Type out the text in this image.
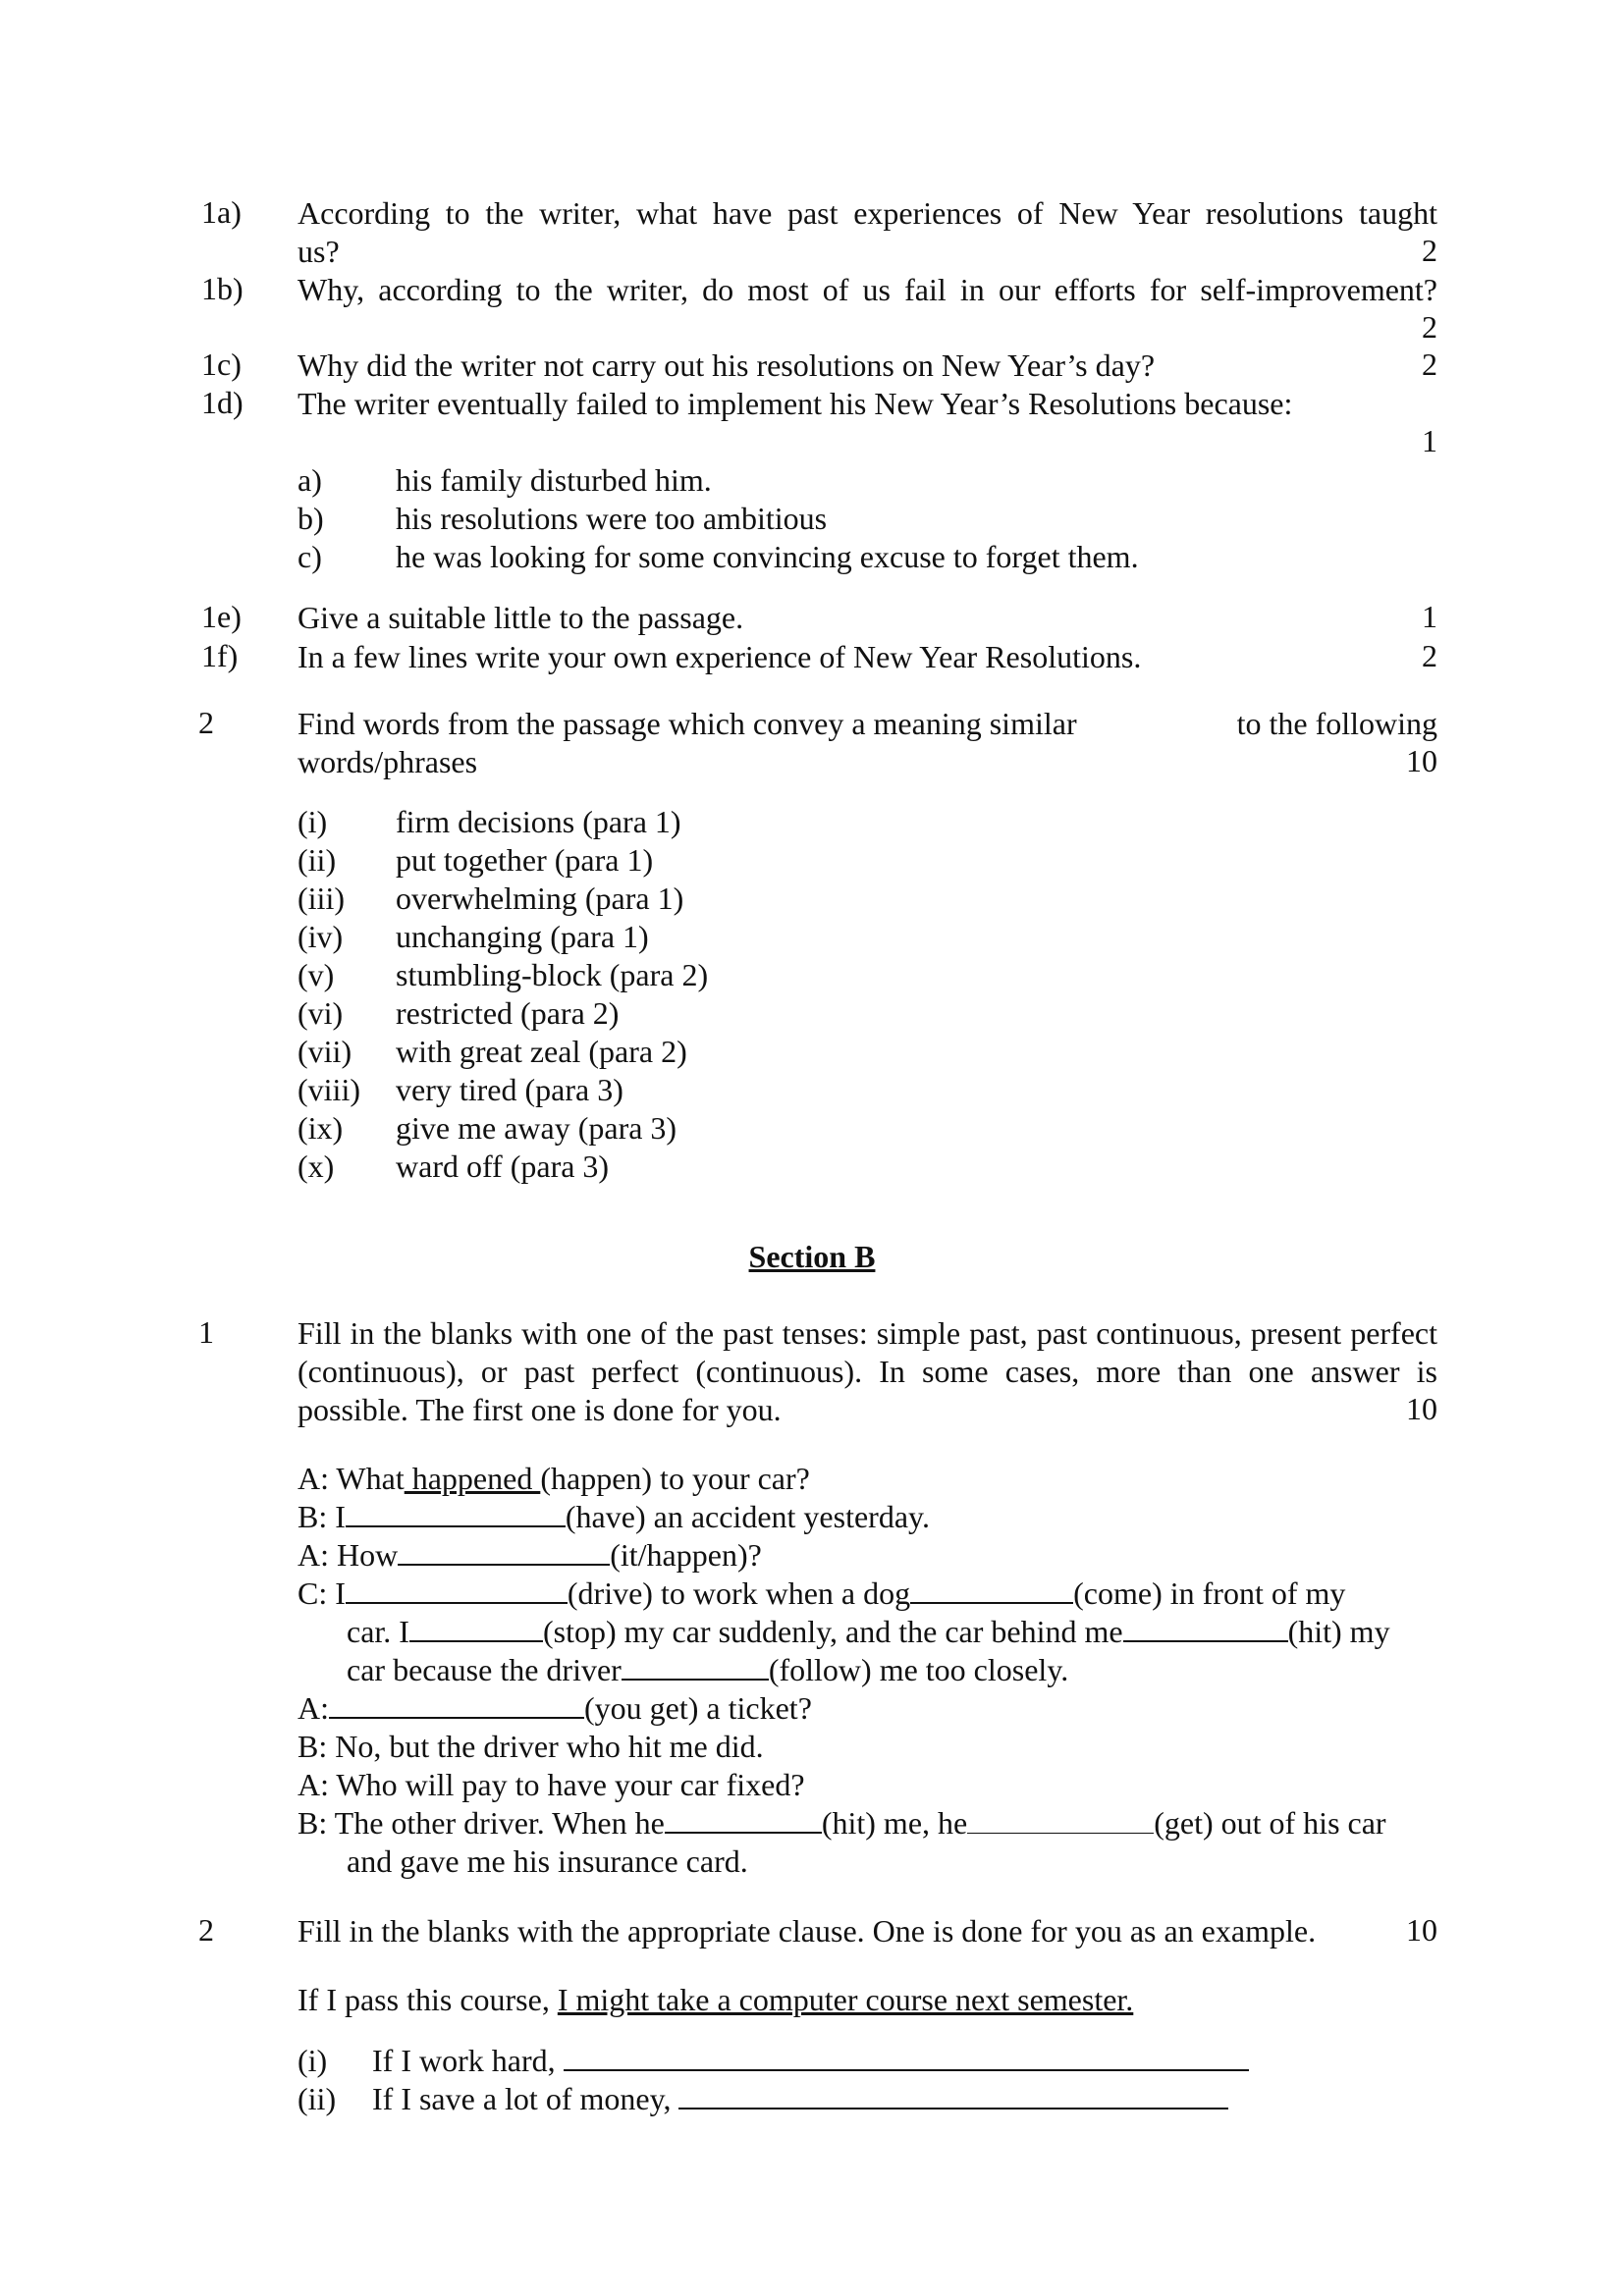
1a) According to the writer, what have past experiences of New Year resolutions taught
us?	2
1b) Why, according to the writer, do most of us fail in our efforts for self-improvement?
2
1c) Why did the writer not carry out his resolutions on New Year’s day?	2
1d) The writer eventually failed to implement his New Year’s Resolutions because:
1
a) his family disturbed him.
b) his resolutions were too ambitious
c) he was looking for some convincing excuse to forget them.
1e) Give a suitable little to the passage.	1
1f) In a few lines write your own experience of New Year Resolutions.	2
2	Find words from the passage which convey a meaning similar	to the following
words/phrases	10
(i) firm decisions (para 1)
(ii) put together (para 1)
(iii) overwhelming (para 1)
(iv) unchanging (para 1)
(v) stumbling-block (para 2)
(vi) restricted (para 2)
(vii) with great zeal (para 2)
(viii) very tired (para 3)
(ix) give me away (para 3)
(x) ward off (para 3)
Section B
1	Fill in the blanks with one of the past tenses: simple past, past continuous, present perfect (continuous), or past perfect (continuous). In some cases, more than one answer is possible. The first one is done for you.	10
A: What happened (happen) to your car?
B: I	(have) an accident yesterday.
A: How	(it/happen)?
C: I	(drive) to work when a dog	(come) in front of my
car. I	(stop) my car suddenly, and the car behind me	(hit) my
car because the driver	(follow) me too closely.
A:	(you get) a ticket?
B: No, but the driver who hit me did.
A: Who will pay to have your car fixed?
B: The other driver. When he	(hit) me, he	(get) out of his car
and gave me his insurance card.
2	Fill in the blanks with the appropriate clause. One is done for you as an example.	10
If I pass this course, I might take a computer course next semester.
(i) If I work hard,
(ii) If I save a lot of money,
